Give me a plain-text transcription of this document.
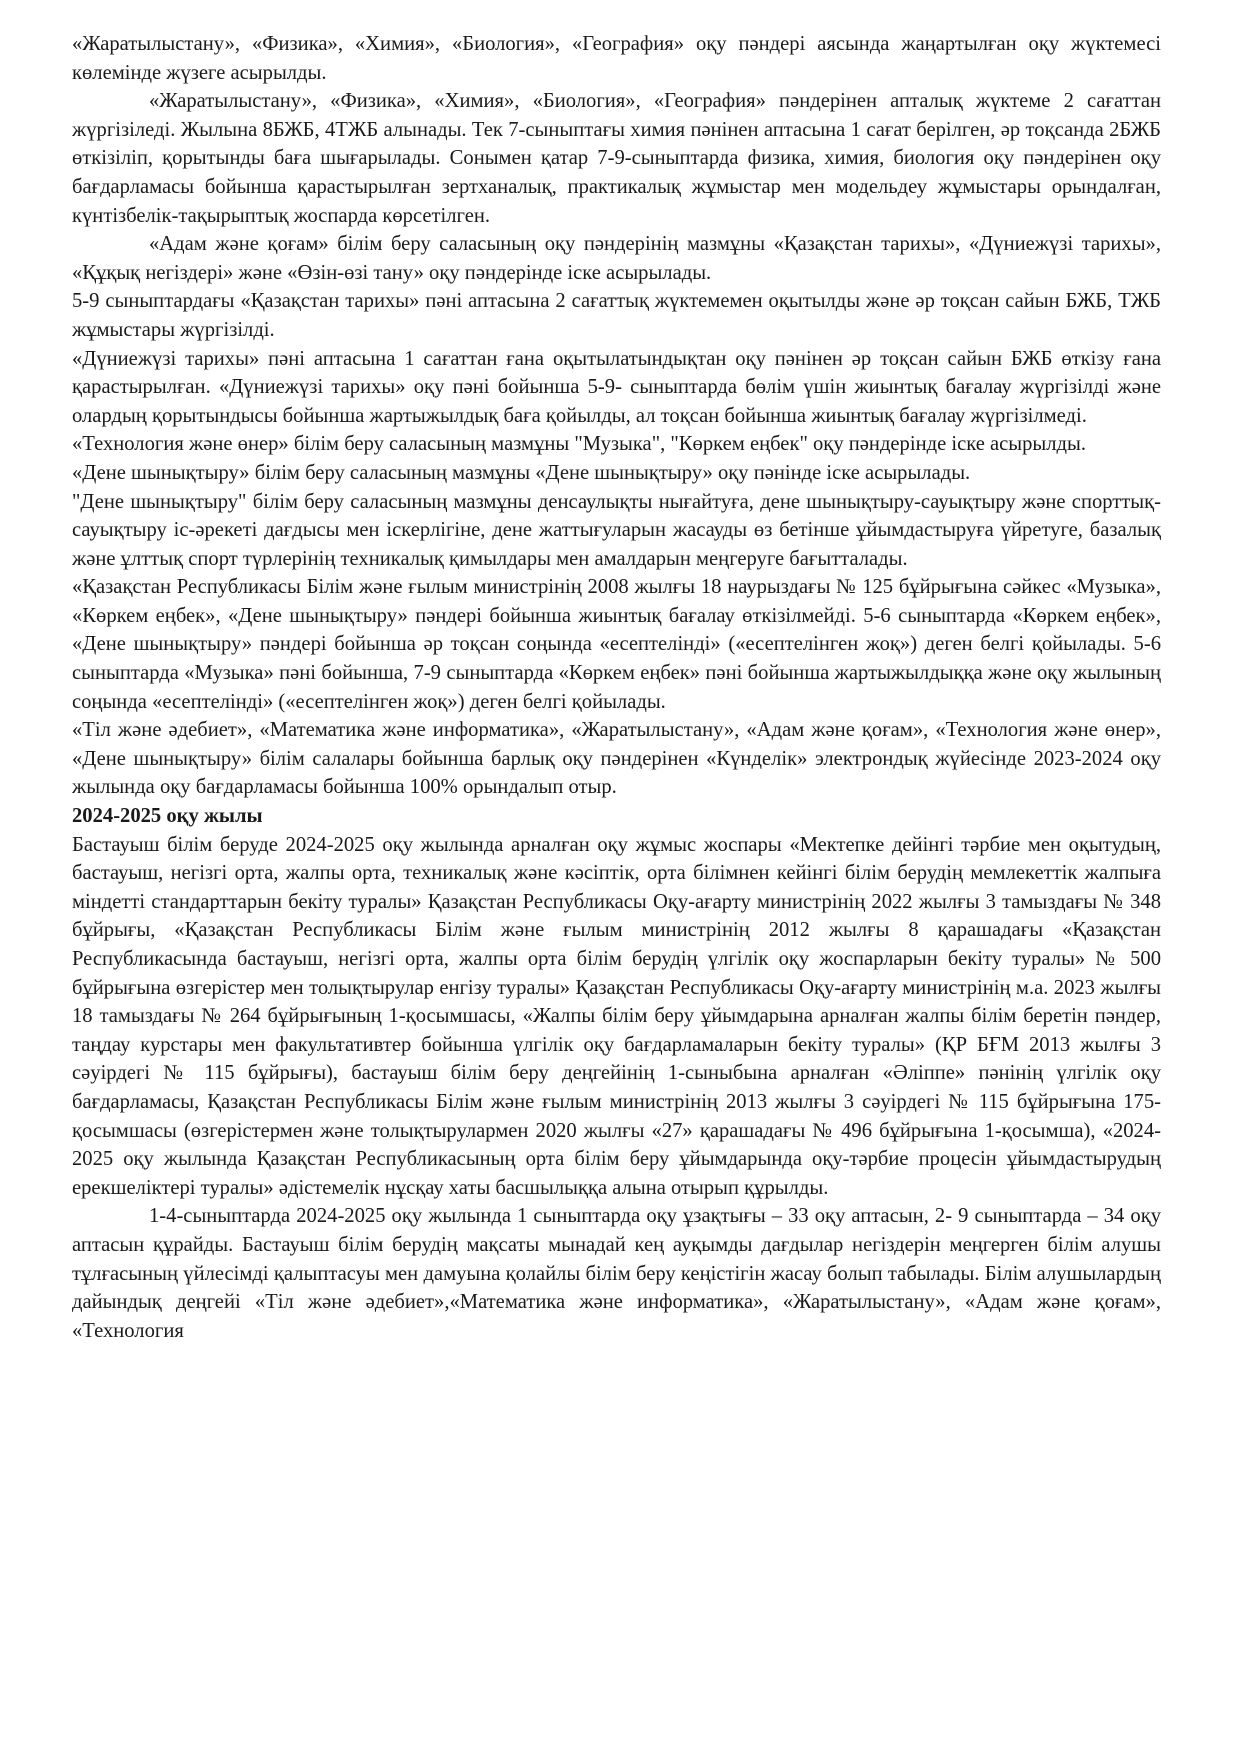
«Жаратылыстану», «Физика», «Химия», «Биология», «География» оқу пәндері аясында жаңартылған оқу жүктемесі көлемінде жүзеге асырылды.

«Жаратылыстану», «Физика», «Химия», «Биология», «География» пәндерінен апталық жүктеме 2 сағаттан жүргізіледі. Жылына 8БЖБ, 4ТЖБ алынады. Тек 7-сыныптағы химия пәнінен аптасына 1 сағат берілген, әр тоқсанда 2БЖБ өткізіліп, қорытынды баға шығарылады. Сонымен қатар 7-9-сыныптарда физика, химия, биология оқу пәндерінен оқу бағдарламасы бойынша қарастырылған зертханалық, практикалық жұмыстар мен модельдеу жұмыстары орындалған, күнтізбелік-тақырыптық жоспарда көрсетілген.

«Адам және қоғам» білім беру саласының оқу пәндерінің мазмұны «Қазақстан тарихы», «Дүниежүзі тарихы», «Құқық негіздері» және «Өзін-өзі тану» оқу пәндерінде іске асырылады.

5-9 сыныптардағы «Қазақстан тарихы» пәні аптасына 2 сағаттық жүктемемен оқытылды және әр тоқсан сайын БЖБ, ТЖБ жұмыстары жүргізілді.

«Дүниежүзі тарихы» пәні аптасына 1 сағаттан ғана оқытылатындықтан оқу пәнінен әр тоқсан сайын БЖБ өткізу ғана қарастырылған. «Дүниежүзі тарихы» оқу пәні бойынша 5-9- сыныптарда бөлім үшін жиынтық бағалау жүргізілді және олардың қорытындысы бойынша жартыжылдық баға қойылды, ал тоқсан бойынша жиынтық бағалау жүргізілмеді.

«Технология және өнер» білім беру саласының мазмұны "Музыка", "Көркем еңбек" оқу пәндерінде іске асырылды.

«Дене шынықтыру» білім беру саласының мазмұны «Дене шынықтыру» оқу пәнінде іске асырылады.

"Дене шынықтыру" білім беру саласының мазмұны денсаулықты нығайтуға, дене шынықтыру-сауықтыру және спорттық-сауықтыру іс-әрекеті дағдысы мен іскерлігіне, дене жаттығуларын жасауды өз бетінше ұйымдастыруға үйретуге, базалық және ұлттық спорт түрлерінің техникалық қимылдары мен амалдарын меңгеруге бағытталады.

«Қазақстан Республикасы Білім және ғылым министрінің 2008 жылғы 18 наурыздағы № 125 бұйрығына сәйкес «Музыка», «Көркем еңбек», «Дене шынықтыру» пәндері бойынша жиынтық бағалау өткізілмейді. 5-6 сыныптарда «Көркем еңбек», «Дене шынықтыру» пәндері бойынша әр тоқсан соңында «есептелінді» («есептелінген жоқ») деген белгі қойылады. 5-6 сыныптарда «Музыка» пәні бойынша, 7-9 сыныптарда «Көркем еңбек» пәні бойынша жартыжылдыққа және оқу жылының соңында «есептелінді» («есептелінген жоқ») деген белгі қойылады.

«Тіл және әдебиет», «Математика және информатика», «Жаратылыстану», «Адам және қоғам», «Технология және өнер», «Дене шынықтыру» білім салалары бойынша барлық оқу пәндерінен «Күнделік» электрондық жүйесінде 2023-2024 оқу жылында оқу бағдарламасы бойынша 100% орындалып отыр.

2024-2025 оқу жылы

Бастауыш білім беруде 2024-2025 оқу жылында арналған оқу жұмыс жоспары «Мектепке дейінгі тәрбие мен оқытудың, бастауыш, негізгі орта, жалпы орта, техникалық және кәсіптік, орта білімнен кейінгі білім берудің мемлекеттік жалпыға міндетті стандарттарын бекіту туралы» Қазақстан Республикасы Оқу-ағарту министрінің 2022 жылғы 3 тамыздағы № 348 бұйрығы, «Қазақстан Республикасы Білім және ғылым министрінің 2012 жылғы 8 қарашадағы «Қазақстан Республикасында бастауыш, негізгі орта, жалпы орта білім берудің үлгілік оқу жоспарларын бекіту туралы» № 500 бұйрығына өзгерістер мен толықтырулар енгізу туралы» Қазақстан Республикасы Оқу-ағарту министрінің м.а. 2023 жылғы 18 тамыздағы № 264 бұйрығының 1-қосымшасы, «Жалпы білім беру ұйымдарына арналған жалпы білім беретін пәндер, таңдау курстары мен факультативтер бойынша үлгілік оқу бағдарламаларын бекіту туралы» (ҚР БҒМ 2013 жылғы 3 сәуірдегі № 115 бұйрығы), бастауыш білім беру деңгейінің 1-сыныбына арналған «Әліппе» пәнінің үлгілік оқу бағдарламасы, Қазақстан Республикасы Білім және ғылым министрінің 2013 жылғы 3 сәуірдегі № 115 бұйрығына 175-қосымшасы (өзгерістермен және толықтырулармен 2020 жылғы «27» қарашадағы № 496 бұйрығына 1-қосымша), «2024-2025 оқу жылында Қазақстан Республикасының орта білім беру ұйымдарында оқу-тәрбие процесін ұйымдастырудың ерекшеліктері туралы» әдістемелік нұсқау хаты басшылыққа алына отырып құрылды.

1-4-сыныптарда 2024-2025 оқу жылында 1 сыныптарда оқу ұзақтығы – 33 оқу аптасын, 2- 9 сыныптарда – 34 оқу аптасын құрайды. Бастауыш білім берудің мақсаты мынадай кең ауқымды дағдылар негіздерін меңгерген білім алушы тұлғасының үйлесімді қалыптасуы мен дамуына қолайлы білім беру кеңістігін жасау болып табылады. Білім алушылардың дайындық деңгейі «Тіл және әдебиет»,«Математика және информатика», «Жаратылыстану», «Адам және қоғам», «Технология
